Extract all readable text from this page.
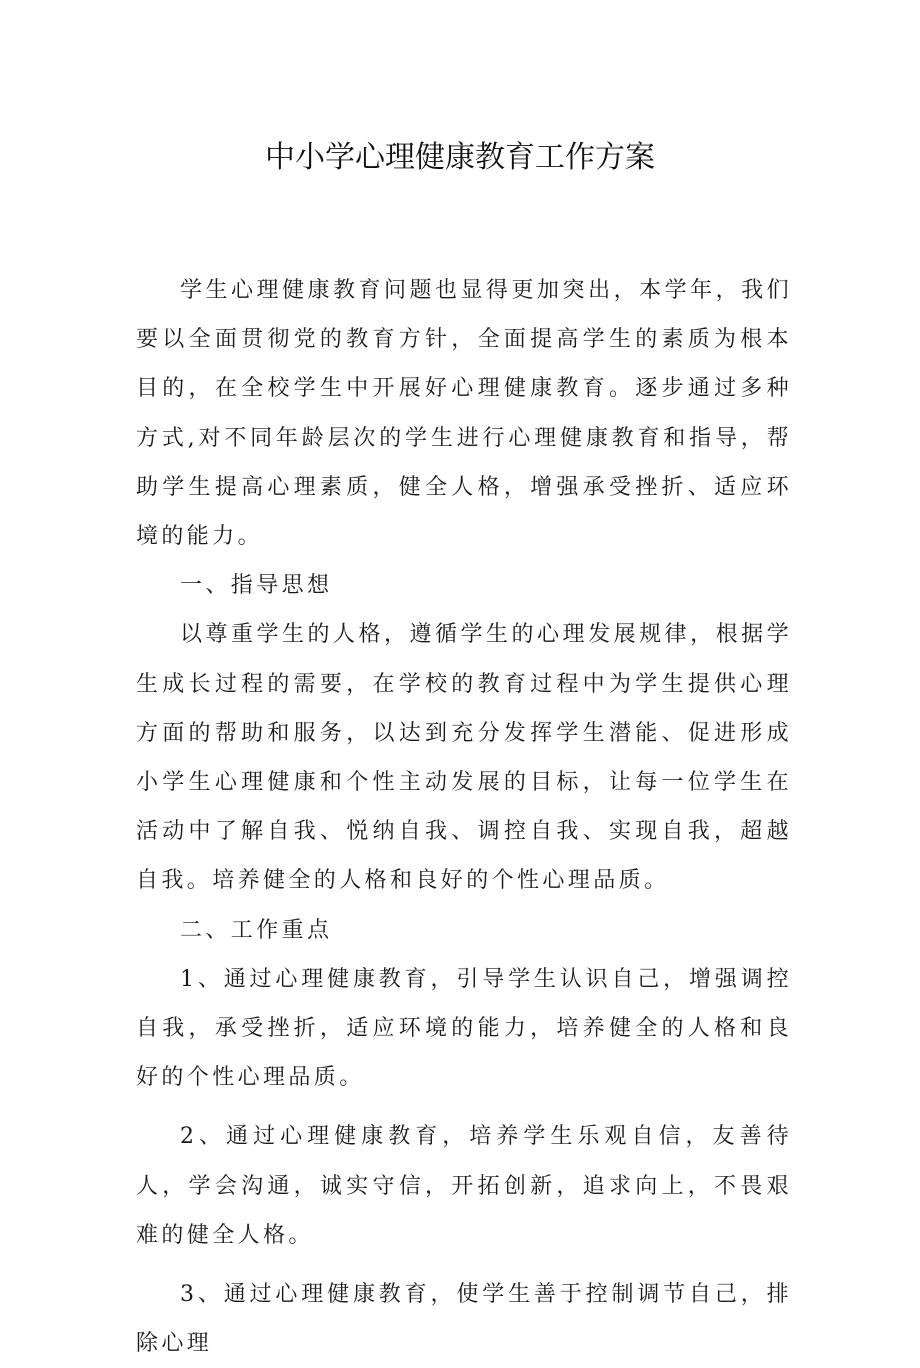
中小学心理健康教育工作方案

学生心理健康教育问题也显得更加突出，本学年，我们要以全面贯彻党的教育方针，全面提高学生的素质为根本目的，在全校学生中开展好心理健康教育。逐步通过多种方式,对不同年龄层次的学生进行心理健康教育和指导，帮助学生提高心理素质，健全人格，增强承受挫折、适应环境的能力。

一、指导思想

以尊重学生的人格，遵循学生的心理发展规律，根据学生成长过程的需要，在学校的教育过程中为学生提供心理方面的帮助和服务，以达到充分发挥学生潜能、促进形成小学生心理健康和个性主动发展的目标，让每一位学生在活动中了解自我、悦纳自我、调控自我、实现自我，超越自我。培养健全的人格和良好的个性心理品质。

二、工作重点

1、通过心理健康教育，引导学生认识自己，增强调控自我，承受挫折，适应环境的能力，培养健全的人格和良好的个性心理品质。

2、通过心理健康教育，培养学生乐观自信，友善待人，学会沟通，诚实守信，开拓创新，追求向上，不畏艰难的健全人格。

3、通过心理健康教育，使学生善于控制调节自己，排除心理
